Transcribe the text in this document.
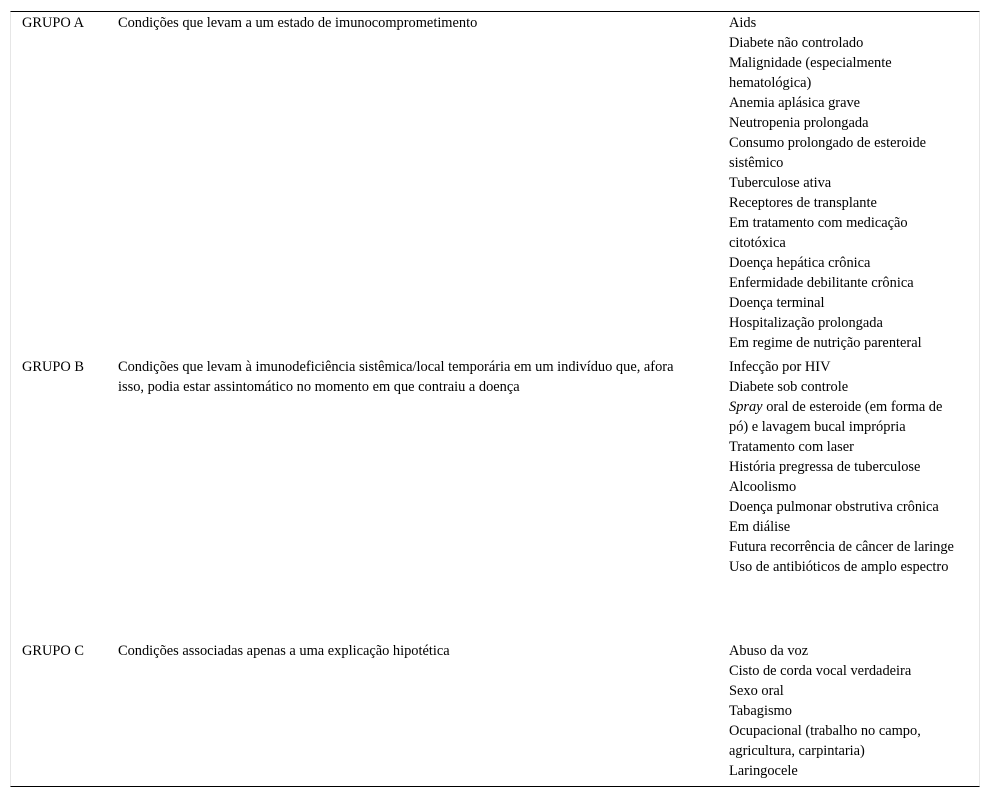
GRUPO A Condições que levam a um estado de imunocomprometimento	Aids
Diabete não controlado
Malignidade (especialmente hematológica)
Anemia aplásica grave
Neutropenia prolongada
Consumo prolongado de esteroide sistêmico
Tuberculose ativa
Receptores de transplante
Em tratamento com medicação citotóxica
Doença hepática crônica
Enfermidade debilitante crônica
Doença terminal
Hospitalização prolongada
Em regime de nutrição parenteral
GRUPO B Condições que levam à imunodeficiência sistêmica/local temporária em um indivíduo que, afora isso, podia estar assintomático no momento em que contraiu a doença
Infecção por HIV
Diabete sob controle
Spray oral de esteroide (em forma de pó) e lavagem bucal imprópria
Tratamento com laser
História pregressa de tuberculose
Alcoolismo
Doença pulmonar obstrutiva crônica
Em diálise
Futura recorrência de câncer de laringe
Uso de antibióticos de amplo espectro
GRUPO C Condições associadas apenas a uma explicação hipotética	Abuso da voz
Cisto de corda vocal verdadeira
Sexo oral
Tabagismo
Ocupacional (trabalho no campo, agricultura, carpintaria)
Laringocele
